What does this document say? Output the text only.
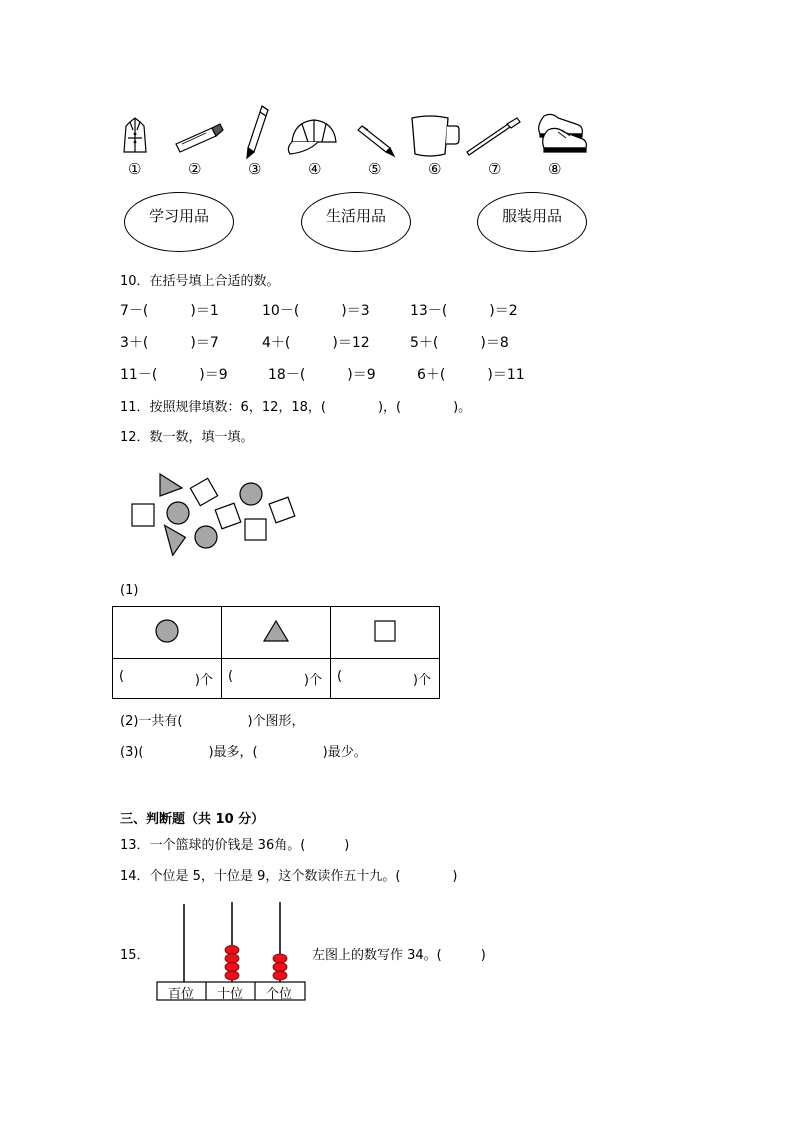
①	②	③	④	⑤	⑥	⑦	⑧
学习用品	生活用品	服装用品
10．在括号填上合适的数。
7－(　　　)＝1	10－(　　　)＝3	13－(　　　)＝2
3＋(　　　)＝7	4＋(　　　)＝12	5＋(　　　)＝8
11－(　　　)＝9	18－(　　　)＝9	6＋(　　　)＝11
11．按照规律填数：6，12，18，(　　　　)，(　　　　)。
12．数一数，填一填。
(1)

( )个	( )个	( )个
(2)一共有(　　　　　)个图形，
(3)(　　　　　)最多，(　　　　　)最少。
三、判断题（共 10 分）
13．一个篮球的价钱是 36角。(　　　)
14．个位是 5，十位是 9，这个数读作五十九。(　　　　)
15．
百位 十位 个位
左图上的数写作 34。(　　　)
